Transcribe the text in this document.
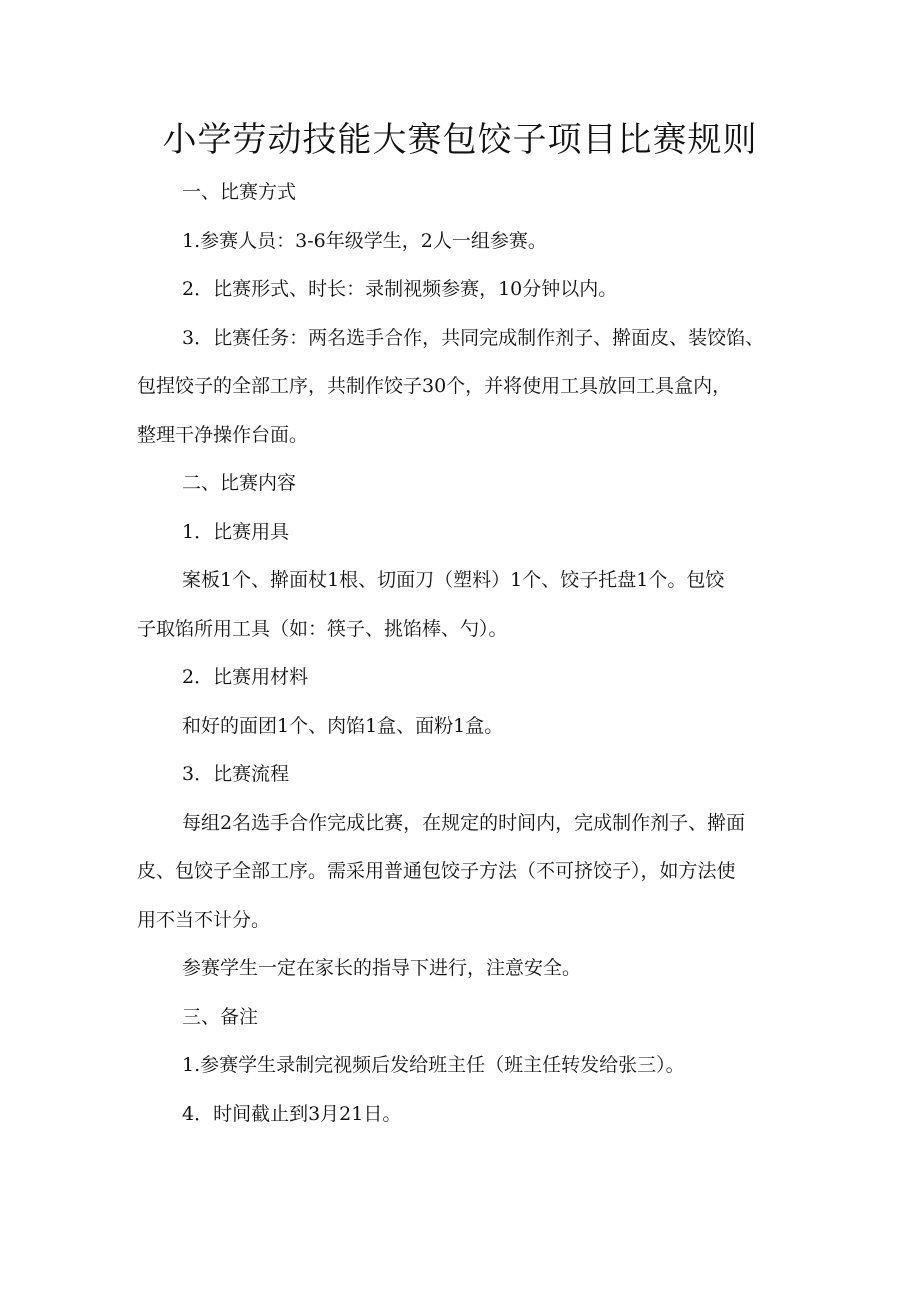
小学劳动技能大赛包饺子项目比赛规则

一、比赛方式

1.参赛人员：3-6年级学生，2人一组参赛。

2．比赛形式、时长：录制视频参赛，10分钟以内。

3．比赛任务：两名选手合作，共同完成制作剂子、擀面皮、装饺馅、

包捏饺子的全部工序，共制作饺子30个，并将使用工具放回工具盒内，

整理干净操作台面。

二、比赛内容

1．比赛用具

案板1个、擀面杖1根、切面刀（塑料）1个、饺子托盘1个。包饺

子取馅所用工具（如：筷子、挑馅棒、勺）。

2．比赛用材料

和好的面团1个、肉馅1盒、面粉1盒。

3．比赛流程

每组2名选手合作完成比赛，在规定的时间内，完成制作剂子、擀面

皮、包饺子全部工序。需采用普通包饺子方法（不可挤饺子），如方法使

用不当不计分。

参赛学生一定在家长的指导下进行，注意安全。

三、备注

1.参赛学生录制完视频后发给班主任（班主任转发给张三）。

4．时间截止到3月21日。
